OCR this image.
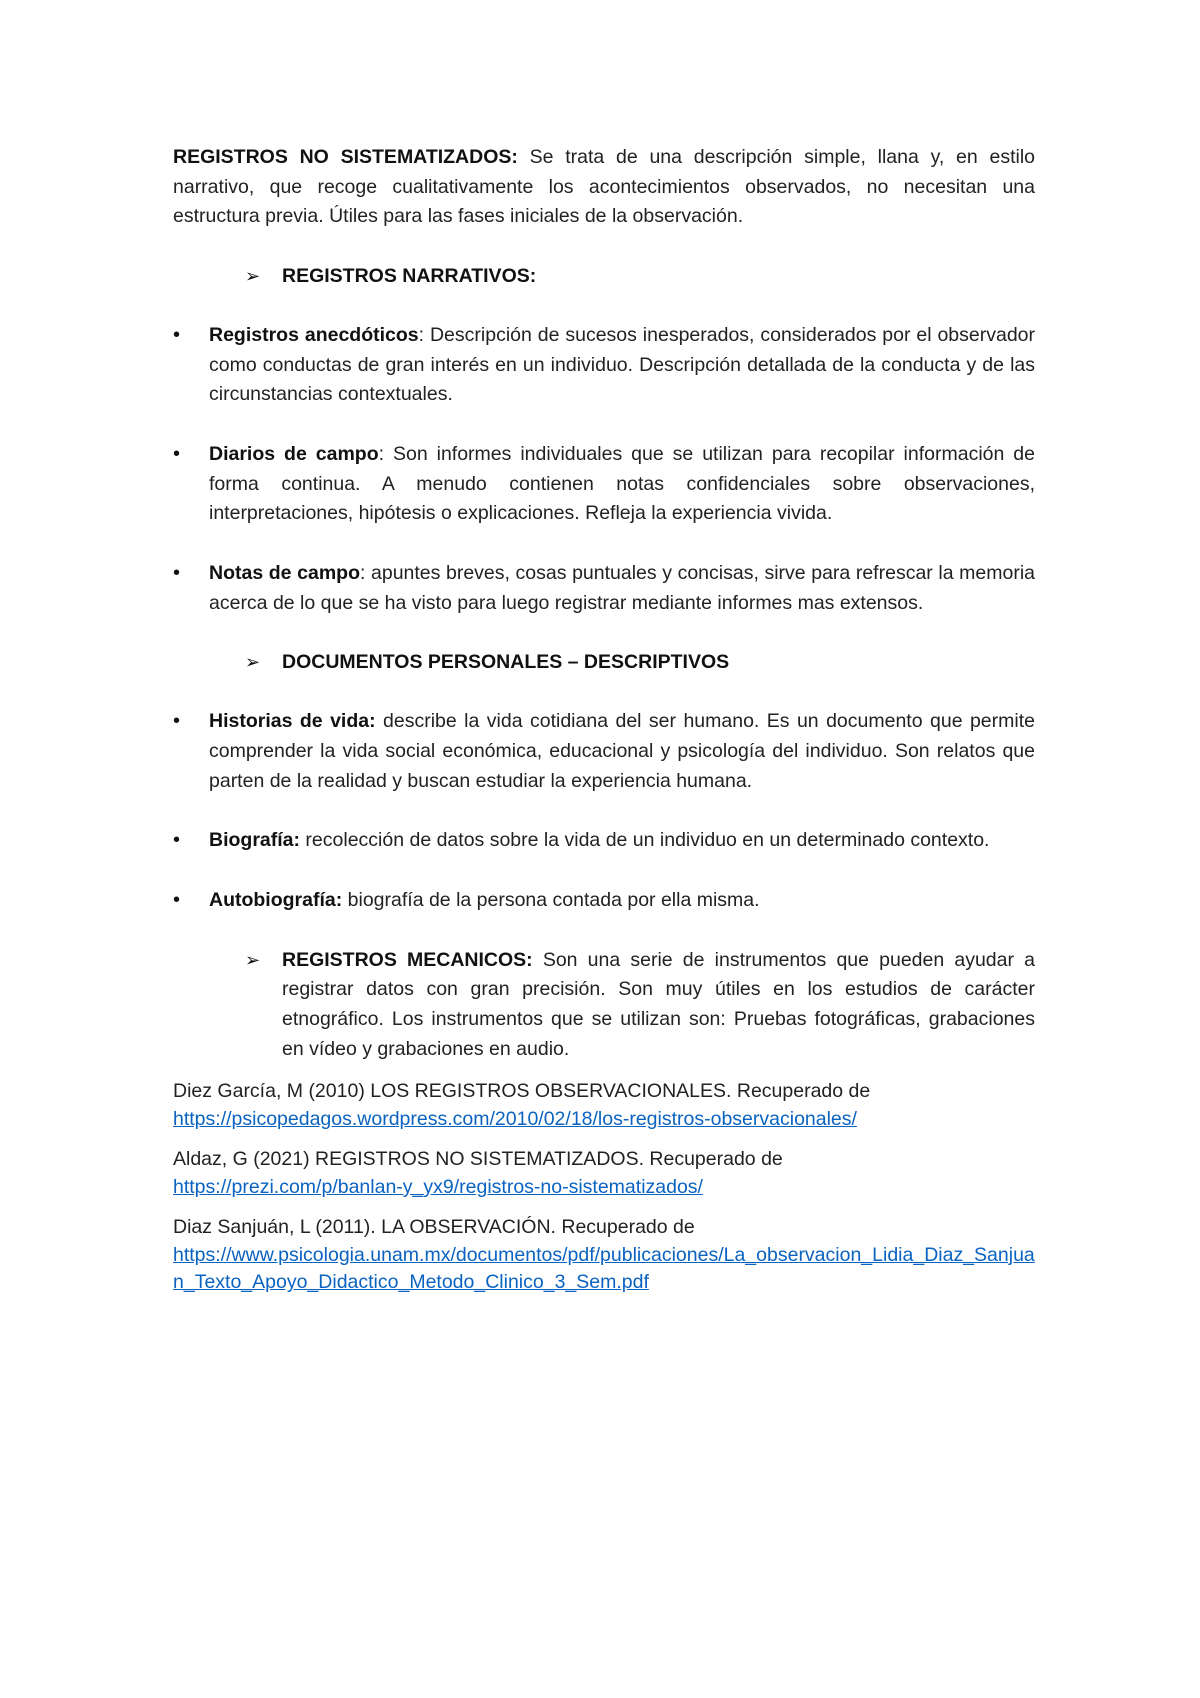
REGISTROS NO SISTEMATIZADOS: Se trata de una descripción simple, llana y, en estilo narrativo, que recoge cualitativamente los acontecimientos observados, no necesitan una estructura previa. Útiles para las fases iniciales de la observación.

➢ REGISTROS NARRATIVOS:

• Registros anecdóticos: Descripción de sucesos inesperados, considerados por el observador como conductas de gran interés en un individuo. Descripción detallada de la conducta y de las circunstancias contextuales.

• Diarios de campo: Son informes individuales que se utilizan para recopilar información de forma continua. A menudo contienen notas confidenciales sobre observaciones, interpretaciones, hipótesis o explicaciones. Refleja la experiencia vivida.

• Notas de campo: apuntes breves, cosas puntuales y concisas, sirve para refrescar la memoria acerca de lo que se ha visto para luego registrar mediante informes mas extensos.

➢ DOCUMENTOS PERSONALES – DESCRIPTIVOS

• Historias de vida: describe la vida cotidiana del ser humano. Es un documento que permite comprender la vida social económica, educacional y psicología del individuo. Son relatos que parten de la realidad y buscan estudiar la experiencia humana.

• Biografía: recolección de datos sobre la vida de un individuo en un determinado contexto.

• Autobiografía: biografía de la persona contada por ella misma.

➢ REGISTROS MECANICOS: Son una serie de instrumentos que pueden ayudar a registrar datos con gran precisión. Son muy útiles en los estudios de carácter etnográfico. Los instrumentos que se utilizan son: Pruebas fotográficas, grabaciones en vídeo y grabaciones en audio.

Diez García, M (2010) LOS REGISTROS OBSERVACIONALES. Recuperado de
https://psicopedagos.wordpress.com/2010/02/18/los-registros-observacionales/

Aldaz, G (2021) REGISTROS NO SISTEMATIZADOS. Recuperado de
https://prezi.com/p/banlan-y_yx9/registros-no-sistematizados/

Diaz Sanjuán, L (2011). LA OBSERVACIÓN. Recuperado de
https://www.psicologia.unam.mx/documentos/pdf/publicaciones/La_observacion_Lidia_Diaz_Sanjuan_Texto_Apoyo_Didactico_Metodo_Clinico_3_Sem.pdf
